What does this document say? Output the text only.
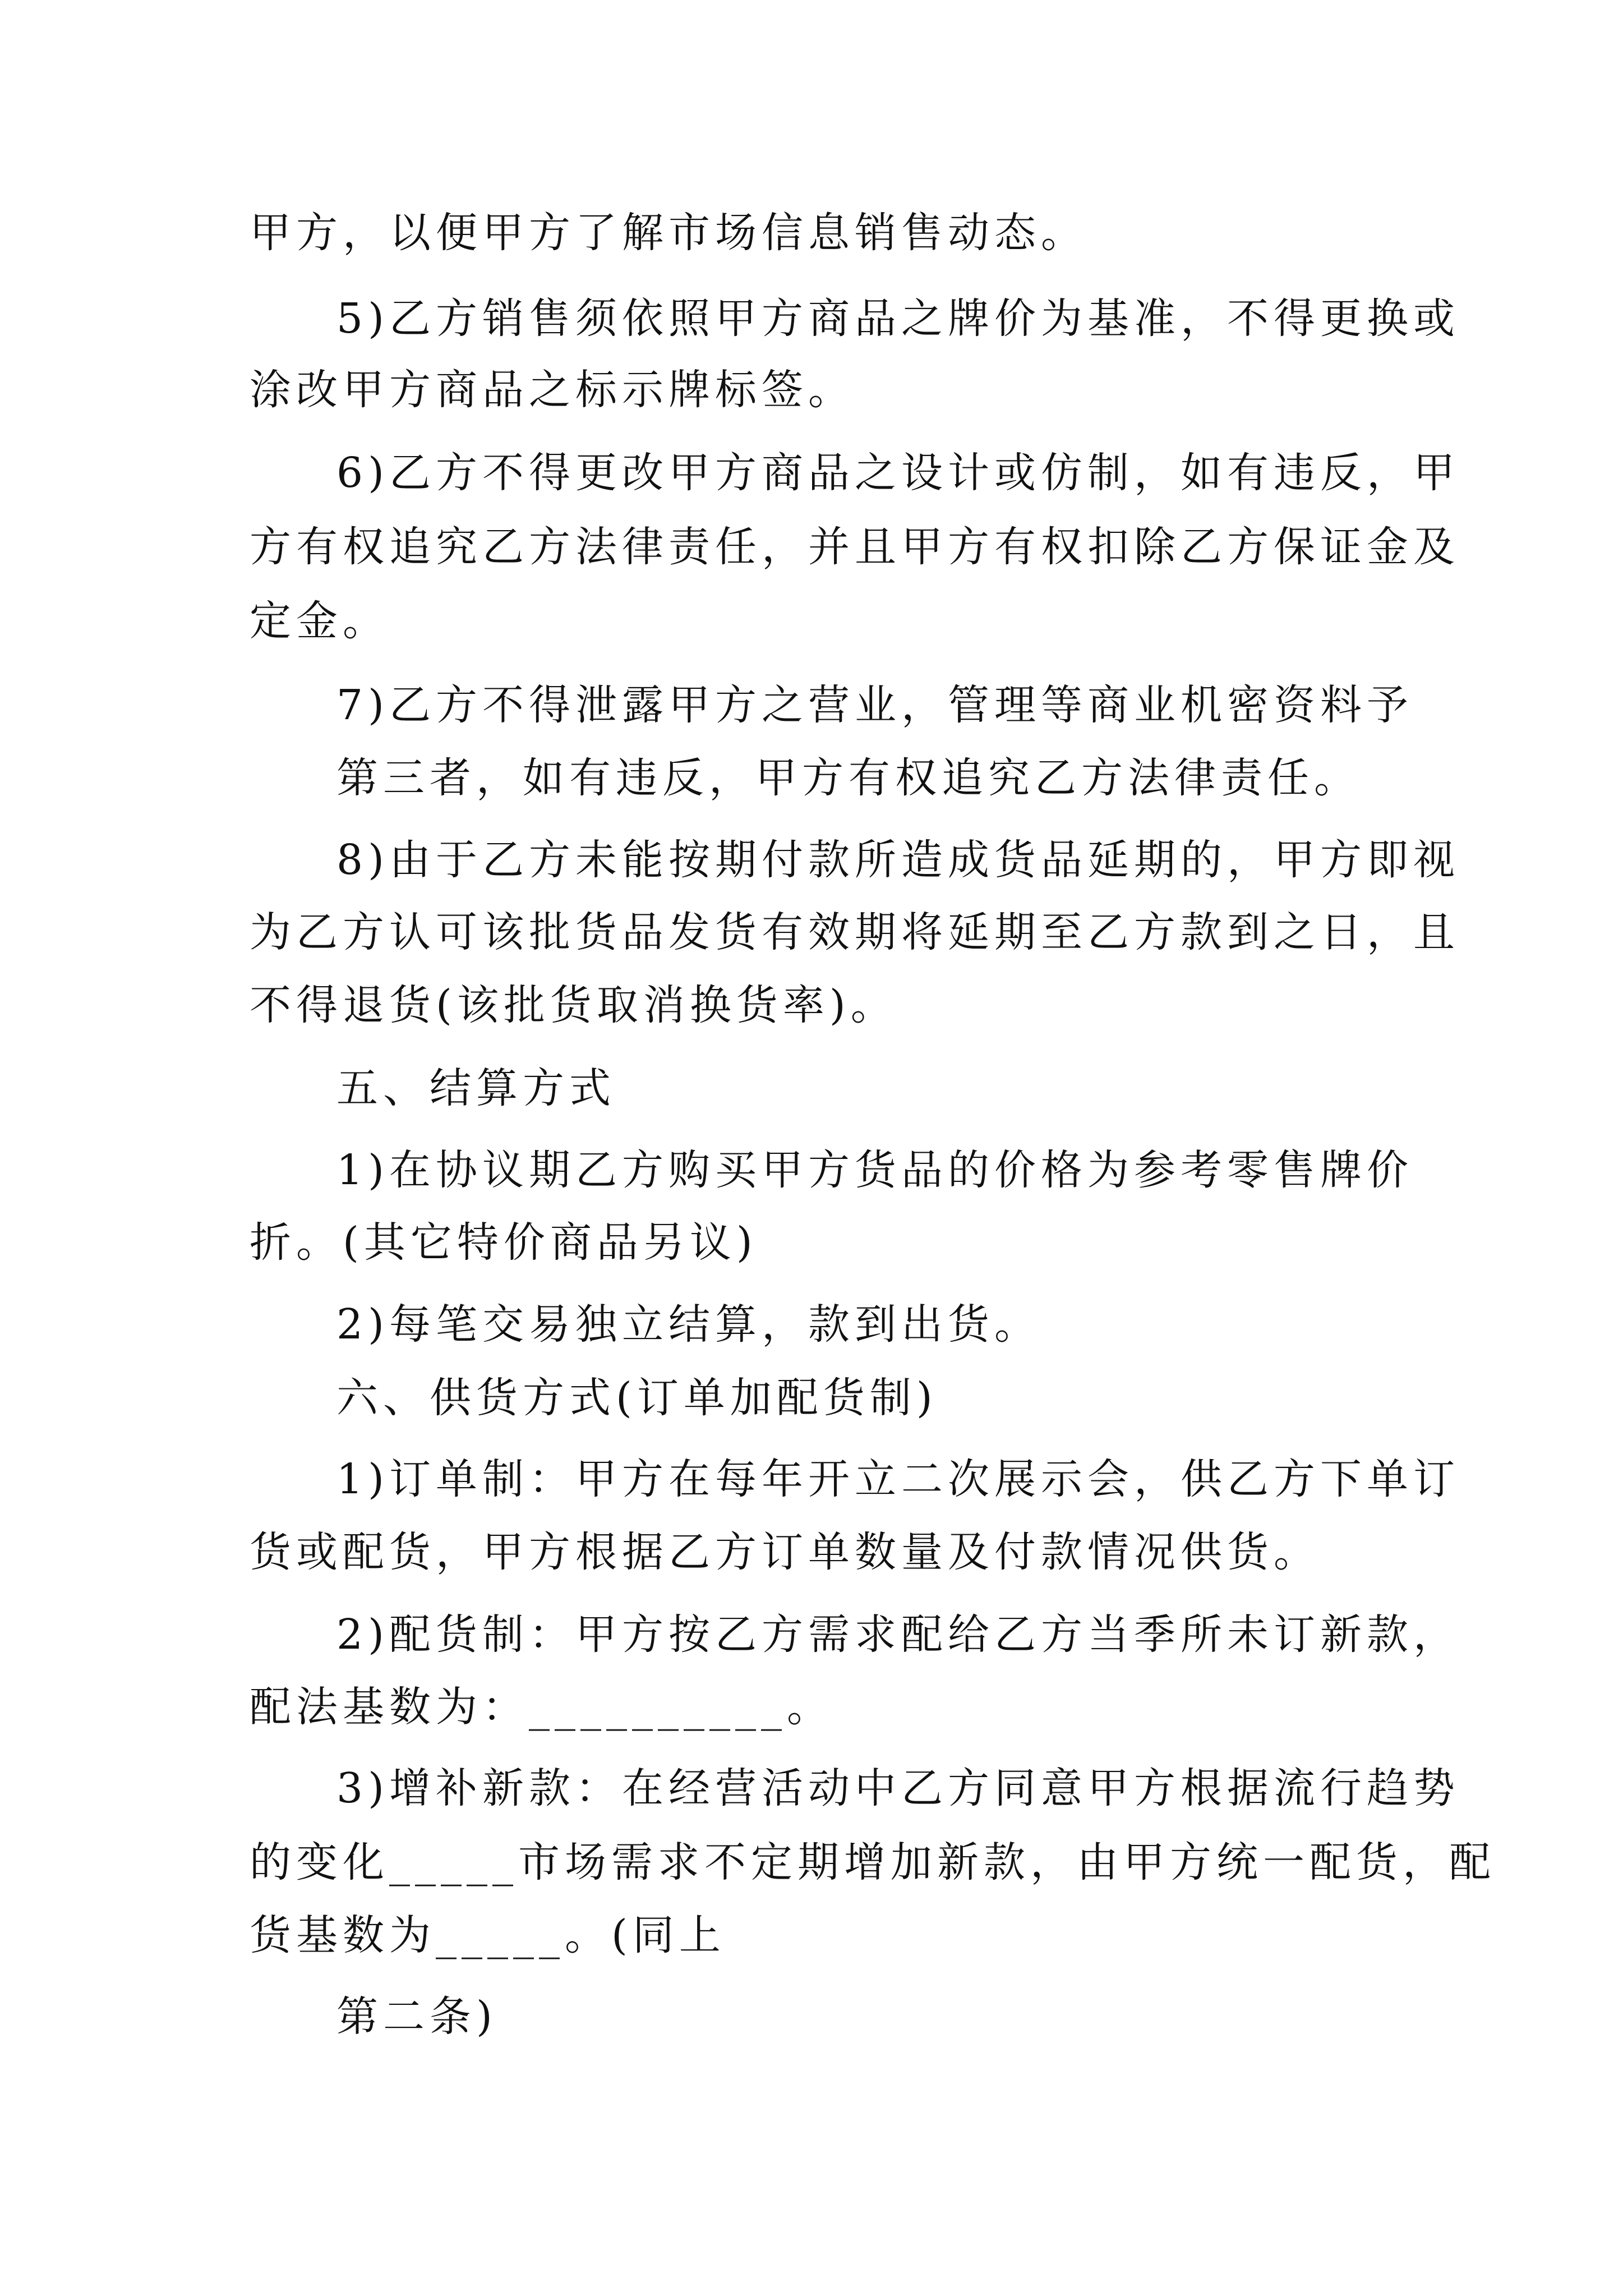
甲方，以便甲方了解市场信息销售动态。
5)乙方销售须依照甲方商品之牌价为基准，不得更换或
涂改甲方商品之标示牌标签。
6)乙方不得更改甲方商品之设计或仿制，如有违反，甲
方有权追究乙方法律责任，并且甲方有权扣除乙方保证金及
定金。
7)乙方不得泄露甲方之营业，管理等商业机密资料予
第三者，如有违反，甲方有权追究乙方法律责任。
8)由于乙方未能按期付款所造成货品延期的，甲方即视
为乙方认可该批货品发货有效期将延期至乙方款到之日，且
不得退货(该批货取消换货率)。
五、结算方式
1)在协议期乙方购买甲方货品的价格为参考零售牌价
折。(其它特价商品另议)
2)每笔交易独立结算，款到出货。
六、供货方式(订单加配货制)
1)订单制：甲方在每年开立二次展示会，供乙方下单订
货或配货，甲方根据乙方订单数量及付款情况供货。
2)配货制：甲方按乙方需求配给乙方当季所未订新款，
配法基数为：__________。
3)增补新款：在经营活动中乙方同意甲方根据流行趋势
的变化_____市场需求不定期增加新款，由甲方统一配货，配
货基数为_____。(同上
第二条)
